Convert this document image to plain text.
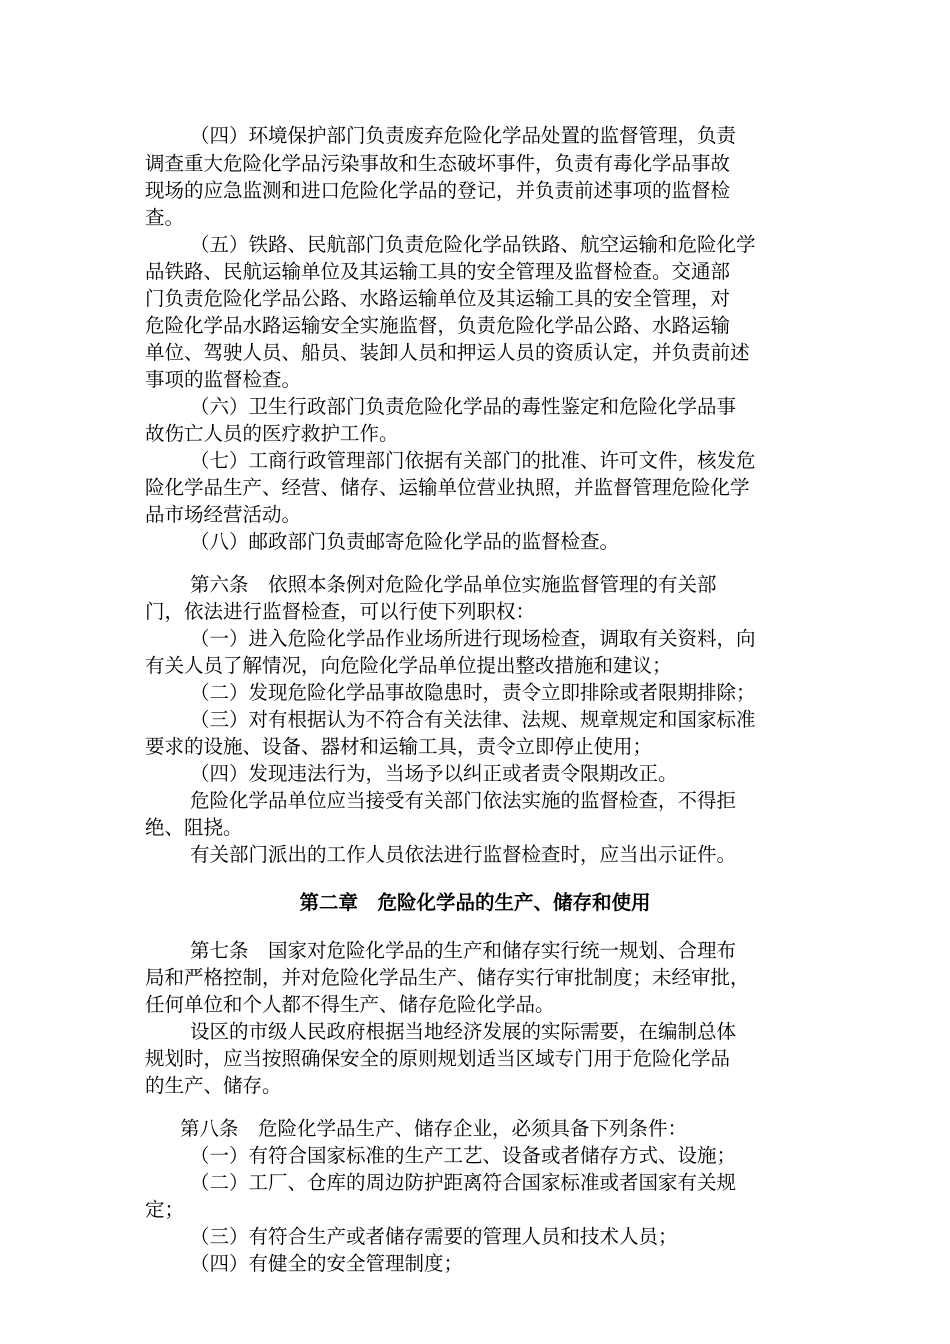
（四）环境保护部门负责废弃危险化学品处置的监督管理，负责
调查重大危险化学品污染事故和生态破坏事件，负责有毒化学品事故
现场的应急监测和进口危险化学品的登记，并负责前述事项的监督检
查。
（五）铁路、民航部门负责危险化学品铁路、航空运输和危险化学
品铁路、民航运输单位及其运输工具的安全管理及监督检查。交通部
门负责危险化学品公路、水路运输单位及其运输工具的安全管理，对
危险化学品水路运输安全实施监督，负责危险化学品公路、水路运输
单位、驾驶人员、船员、装卸人员和押运人员的资质认定，并负责前述
事项的监督检查。
（六）卫生行政部门负责危险化学品的毒性鉴定和危险化学品事
故伤亡人员的医疗救护工作。
（七）工商行政管理部门依据有关部门的批准、许可文件，核发危
险化学品生产、经营、储存、运输单位营业执照，并监督管理危险化学
品市场经营活动。
（八）邮政部门负责邮寄危险化学品的监督检查。
第六条　依照本条例对危险化学品单位实施监督管理的有关部
门，依法进行监督检查，可以行使下列职权：
（一）进入危险化学品作业场所进行现场检查，调取有关资料，向
有关人员了解情况，向危险化学品单位提出整改措施和建议；
（二）发现危险化学品事故隐患时，责令立即排除或者限期排除；
（三）对有根据认为不符合有关法律、法规、规章规定和国家标准
要求的设施、设备、器材和运输工具，责令立即停止使用；
（四）发现违法行为，当场予以纠正或者责令限期改正。
危险化学品单位应当接受有关部门依法实施的监督检查，不得拒
绝、阻挠。
有关部门派出的工作人员依法进行监督检查时，应当出示证件。
第二章　危险化学品的生产、储存和使用
第七条　国家对危险化学品的生产和储存实行统一规划、合理布
局和严格控制，并对危险化学品生产、储存实行审批制度；未经审批，
任何单位和个人都不得生产、储存危险化学品。
设区的市级人民政府根据当地经济发展的实际需要，在编制总体
规划时，应当按照确保安全的原则规划适当区域专门用于危险化学品
的生产、储存。
第八条　危险化学品生产、储存企业，必须具备下列条件：
（一）有符合国家标准的生产工艺、设备或者储存方式、设施；
（二）工厂、仓库的周边防护距离符合国家标准或者国家有关规
定；
（三）有符合生产或者储存需要的管理人员和技术人员；
（四）有健全的安全管理制度；
